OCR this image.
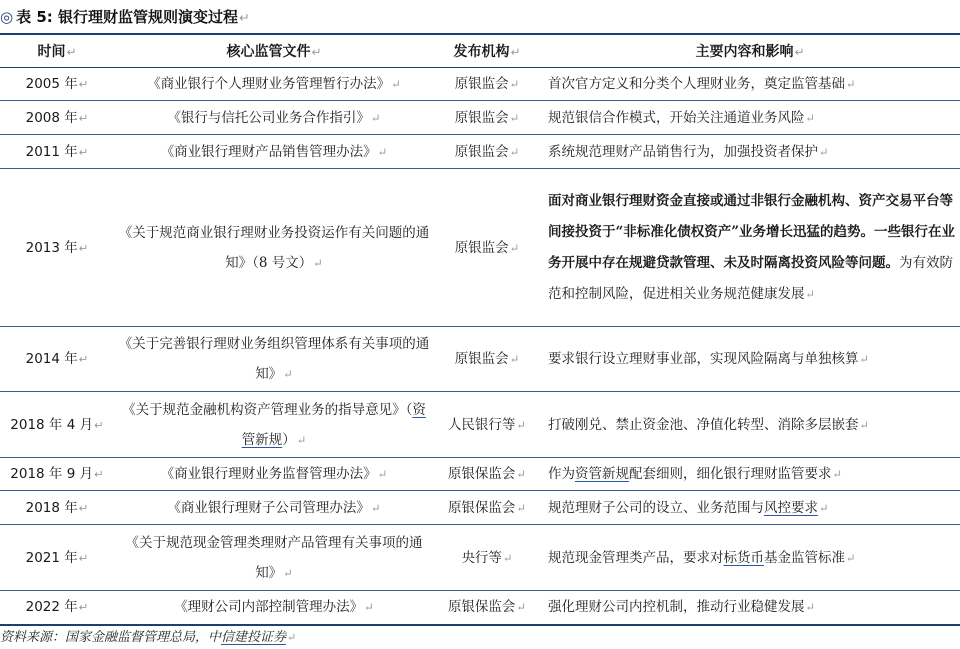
◎ 表 5: 银行理财监管规则演变过程↵
时间↵	核心监管文件↵	发布机构↵	主要内容和影响↵
2005 年↵	《商业银行个人理财业务管理暂行办法》↵	原银监会↵	首次官方定义和分类个人理财业务，奠定监管基础↵
2008 年↵	《银行与信托公司业务合作指引》↵	原银监会↵	规范银信合作模式，开始关注通道业务风险↵
2011 年↵	《商业银行理财产品销售管理办法》↵	原银监会↵	系统规范理财产品销售行为，加强投资者保护↵
2013 年↵	《关于规范商业银行理财业务投资运作有关问题的通知》（8 号文）↵	原银监会↵	面对商业银行理财资金直接或通过非银行金融机构、资产交易平台等间接投资于“非标准化债权资产”业务增长迅猛的趋势。一些银行在业务开展中存在规避贷款管理、未及时隔离投资风险等问题。为有效防范和控制风险，促进相关业务规范健康发展↵
2014 年↵	《关于完善银行理财业务组织管理体系有关事项的通知》↵	原银监会↵	要求银行设立理财事业部，实现风险隔离与单独核算↵
2018 年 4 月↵	《关于规范金融机构资产管理业务的指导意见》（资管新规）↵	人民银行等↵	打破刚兑、禁止资金池、净值化转型、消除多层嵌套↵
2018 年 9 月↵	《商业银行理财业务监督管理办法》↵	原银保监会↵	作为资管新规配套细则，细化银行理财监管要求↵
2018 年↵	《商业银行理财子公司管理办法》↵	原银保监会↵	规范理财子公司的设立、业务范围与风控要求↵
2021 年↵	《关于规范现金管理类理财产品管理有关事项的通知》↵	央行等↵	规范现金管理类产品，要求对标货币基金监管标准↵
2022 年↵	《理财公司内部控制管理办法》↵	原银保监会↵	强化理财公司内控机制，推动行业稳健发展↵
资料来源：国家金融监督管理总局，中信建投证券↵
